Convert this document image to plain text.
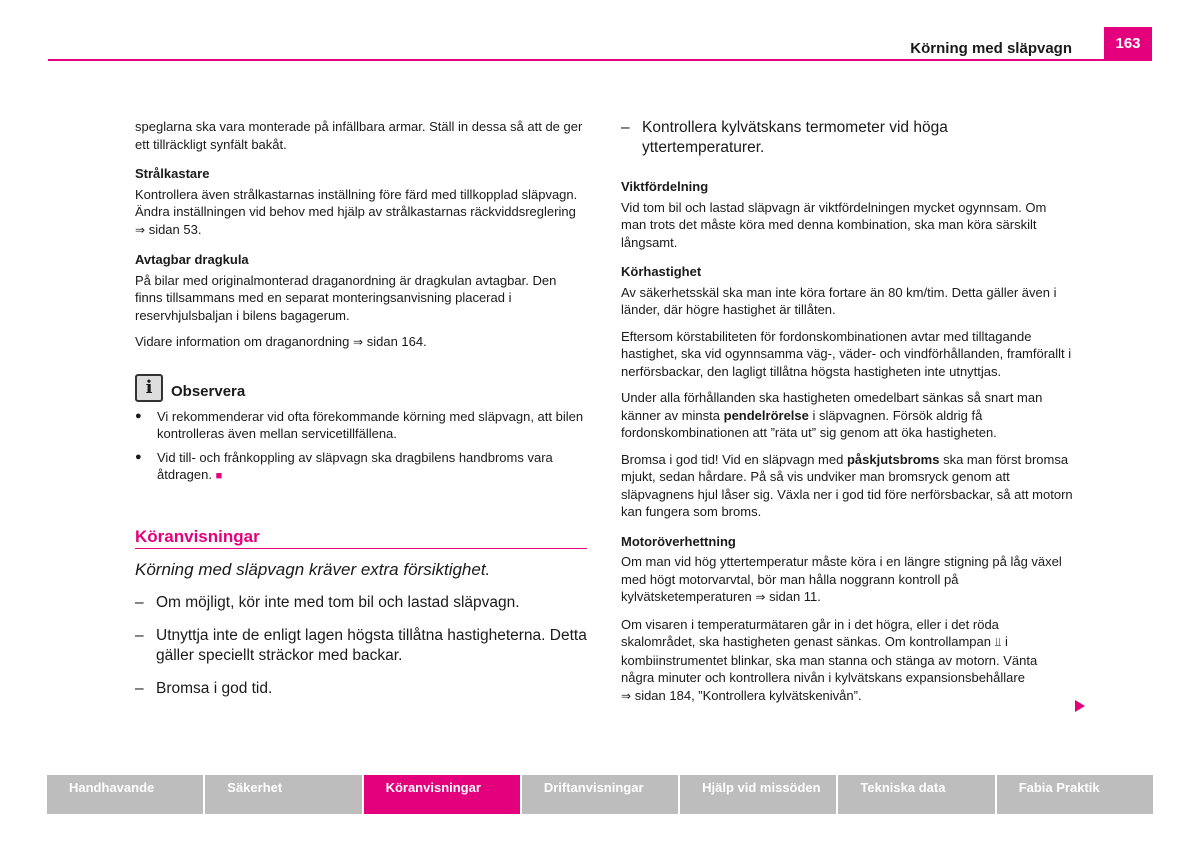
Körning med släpvagn	163

speglarna ska vara monterade på infällbara armar. Ställ in dessa så att de ger ett tillräckligt synfält bakåt.

Strålkastare

Kontrollera även strålkastarnas inställning före färd med tillkopplad släpvagn. Ändra inställningen vid behov med hjälp av strålkastarnas räckviddsreglering ⇒ sidan 53.

Avtagbar dragkula

På bilar med originalmonterad draganordning är dragkulan avtagbar. Den finns tillsammans med en separat monteringsanvisning placerad i reservhjulsbaljan i bilens bagagerum.

Vidare information om draganordning ⇒ sidan 164.

i	Observera
●	Vi rekommenderar vid ofta förekommande körning med släpvagn, att bilen kontrolleras även mellan servicetillfällena.
●	Vid till- och frånkoppling av släpvagn ska dragbilens handbroms vara åtdragen. ■
Köranvisningar
Körning med släpvagn kräver extra försiktighet.
– Om möjligt, kör inte med tom bil och lastad släpvagn.
– Utnyttja inte de enligt lagen högsta tillåtna hastigheterna. Detta gäller speciellt sträckor med backar.
– Bromsa i god tid.
– Kontrollera kylvätskans termometer vid höga yttertemperaturer.
Viktfördelning

Vid tom bil och lastad släpvagn är viktfördelningen mycket ogynnsam. Om man trots det måste köra med denna kombination, ska man köra särskilt långsamt.

Körhastighet

Av säkerhetsskäl ska man inte köra fortare än 80 km/tim. Detta gäller även i länder, där högre hastighet är tillåten.

Eftersom körstabiliteten för fordonskombinationen avtar med tilltagande hastighet, ska vid ogynnsamma väg-, väder- och vindförhållanden, framförallt i nerförsbackar, den lagligt tillåtna högsta hastigheten inte utnyttjas.

Under alla förhållanden ska hastigheten omedelbart sänkas så snart man känner av minsta pendelrörelse i släpvagnen. Försök aldrig få fordonskombinationen att ”räta ut” sig genom att öka hastigheten.

Bromsa i god tid! Vid en släpvagn med påskjutsbroms ska man först bromsa mjukt, sedan hårdare. På så vis undviker man bromsryck genom att släpvagnens hjul låser sig. Växla ner i god tid före nerförsbackar, så att motorn kan fungera som broms.

Motoröverhettning

Om man vid hög yttertemperatur måste köra i en längre stigning på låg växel med högt motorvarvtal, bör man hålla noggrann kontroll på kylvätsketemperaturen ⇒ sidan 11.

Om visaren i temperaturmätaren går in i det högra, eller i det röda skalområdet, ska hastigheten genast sänkas. Om kontrollampan ⫫ i kombiinstrumentet blinkar, ska man stanna och stänga av motorn. Vänta några minuter och kontrollera nivån i kylvätskans expansionsbehållare
⇒ sidan 184, ”Kontrollera kylvätskenivån”.

Handhavande	Säkerhet	Köranvisningar	Driftanvisningar	Hjälp vid missöden	Tekniska data	Fabia Praktik
